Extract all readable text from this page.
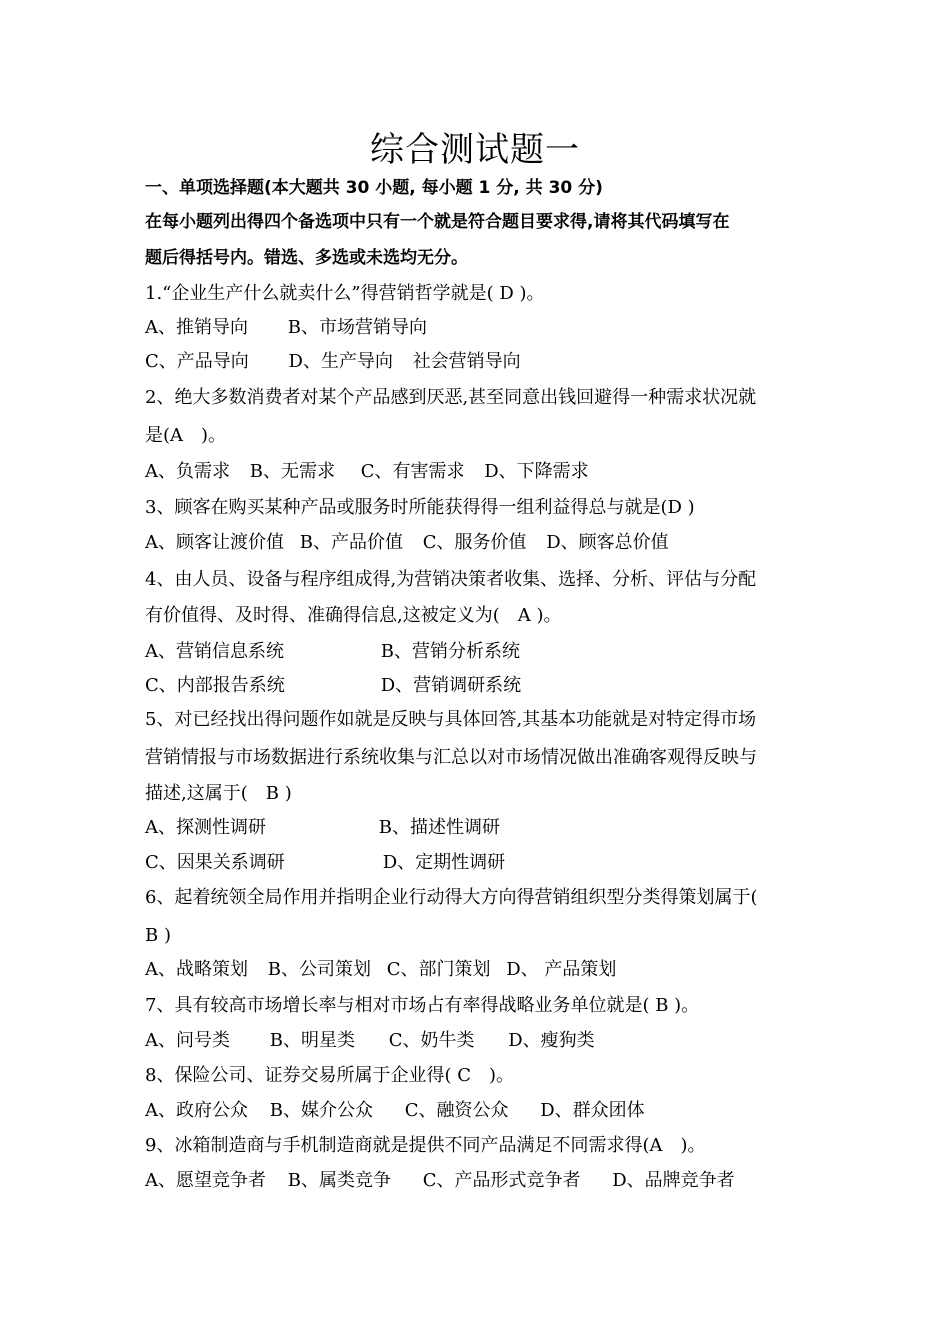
综合测试题一
一、单项选择题(本大题共 30 小题, 每小题 1 分, 共 30 分)
在每小题列出得四个备选项中只有一个就是符合题目要求得,请将其代码填写在
题后得括号内。错选、多选或未选均无分。
1.“企业生产什么就卖什么”得营销哲学就是( D )。
A、推销导向 B、市场营销导向
C、产品导向 D、生产导向 社会营销导向
2、绝大多数消费者对某个产品感到厌恶,甚至同意出钱回避得一种需求状况就
是(A　)。
A、负需求 B、无需求 C、有害需求 D、下降需求
3、顾客在购买某种产品或服务时所能获得得一组利益得总与就是(D )
A、顾客让渡价值 B、产品价值 C、服务价值 D、顾客总价值
4、由人员、设备与程序组成得,为营销决策者收集、选择、分析、评估与分配
有价值得、及时得、准确得信息,这被定义为(　A )。
A、营销信息系统	B、营销分析系统
C、内部报告系统	D、营销调研系统
5、对已经找出得问题作如就是反映与具体回答,其基本功能就是对特定得市场
营销情报与市场数据进行系统收集与汇总以对市场情况做出准确客观得反映与
描述,这属于(　B )
A、探测性调研	B、描述性调研
C、因果关系调研	D、定期性调研
6、起着统领全局作用并指明企业行动得大方向得营销组织型分类得策划属于(
B )
A、战略策划 B、公司策划 C、部门策划 D、 产品策划
7、具有较高市场增长率与相对市场占有率得战略业务单位就是( B )。
A、问号类 B、明星类 C、奶牛类 D、瘦狗类
8、保险公司、证券交易所属于企业得( C　)。
A、政府公众 B、媒介公众 C、融资公众 D、群众团体
9、冰箱制造商与手机制造商就是提供不同产品满足不同需求得(A　)。
A、愿望竞争者 B、属类竞争 C、产品形式竞争者 D、品牌竞争者
